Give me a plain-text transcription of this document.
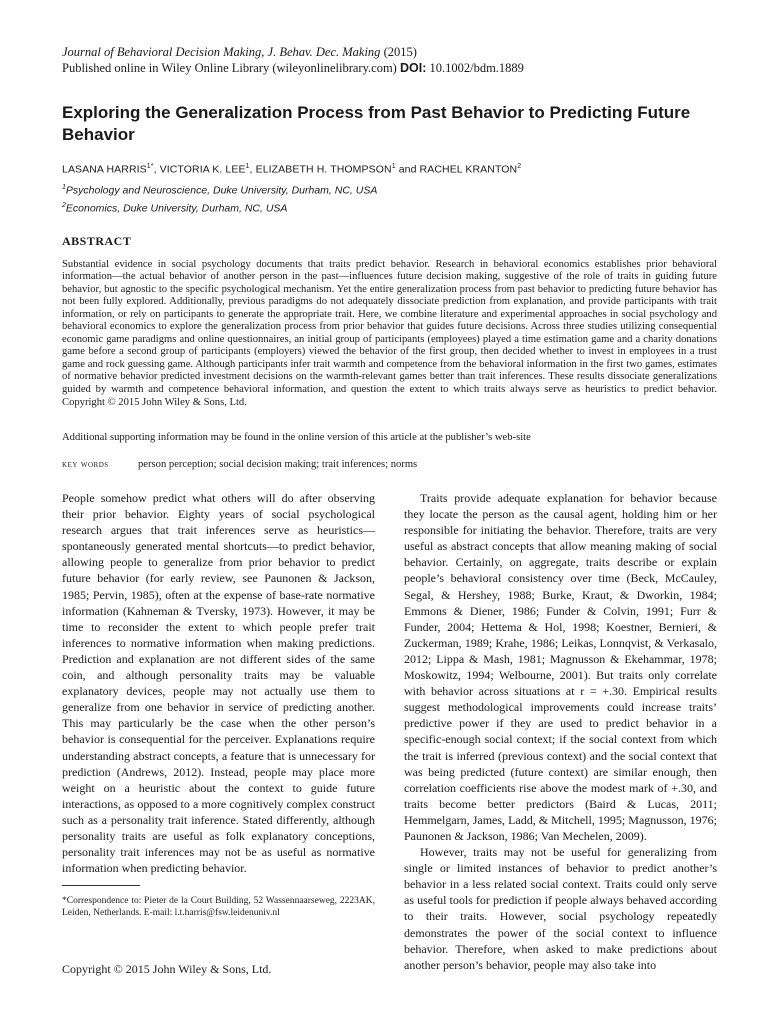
Journal of Behavioral Decision Making, J. Behav. Dec. Making (2015)

Published online in Wiley Online Library (wileyonlinelibrary.com) DOI: 10.1002/bdm.1889

Exploring the Generalization Process from Past Behavior to Predicting Future Behavior

LASANA $HARRIS^{1*}$, VICTORIA K. LEE$^1$, ELIZABETH H. THOMPSON$^1$ and RACHEL KRANTON$^2$

$^1$Psychology and Neuroscience, Duke University, Durham, NC, USA

$^2$Economics, Duke University, Durham, NC, USA

ABSTRACT

Substantial evidence in social psychology documents that traits predict behavior. Research in behavioral economics establishes prior behavioral information—the actual behavior of another person in the past—influences future decision making, suggestive of the role of traits in guiding future behavior, but agnostic to the specific psychological mechanism. Yet the entire generalization process from past behavior to predicting future behavior has not been fully explored. Additionally, previous paradigms do not adequately dissociate prediction from explanation, and provide participants with trait information, or rely on participants to generate the appropriate trait. Here, we combine literature and experimental approaches in social psychology and behavioral economics to explore the generalization process from prior behavior that guides future decisions. Across three studies utilizing consequential economic game paradigms and online questionnaires, an initial group of participants (employees) played a time estimation game and a charity donations game before a second group of participants (employers) viewed the behavior of the first group, then decided whether to invest in employees in a trust game and rock guessing game. Although participants infer trait warmth and competence from the behavioral information in the first two games, estimates of normative behavior predicted investment decisions on the warmth-relevant games better than trait inferences. These results dissociate generalizations guided by warmth and competence behavioral information, and question the extent to which traits always serve as heuristics to predict behavior. Copyright © 2015 John Wiley & Sons, Ltd.

Additional supporting information may be found in the online version of this article at the publisher’s web-site

key words	person perception; social decision making; trait inferences; norms

People somehow predict what others will do after observing their prior behavior. Eighty years of social psychological research argues that trait inferences serve as heuristics—spontaneously generated mental shortcuts—to predict behavior, allowing people to generalize from prior behavior to predict future behavior (for early review, see Paunonen & Jackson, 1985; Pervin, 1985), often at the expense of base-rate normative information (Kahneman & Tversky, 1973). However, it may be time to reconsider the extent to which people prefer trait inferences to normative information when making predictions. Prediction and explanation are not different sides of the same coin, and although personality traits may be valuable explanatory devices, people may not actually use them to generalize from one behavior in service of predicting another. This may particularly be the case when the other person’s behavior is consequential for the perceiver. Explanations require understanding abstract concepts, a feature that is unnecessary for prediction (Andrews, 2012). Instead, people may place more weight on a heuristic about the context to guide future interactions, as opposed to a more cognitively complex construct such as a personality trait inference. Stated differently, although personality traits are useful as folk explanatory conceptions, personality trait inferences may not be as useful as normative information when predicting behavior.

Traits provide adequate explanation for behavior because they locate the person as the causal agent, holding him or her responsible for initiating the behavior. Therefore, traits are very useful as abstract concepts that allow meaning making of social behavior. Certainly, on aggregate, traits describe or explain people’s behavioral consistency over time (Beck, McCauley, Segal, & Hershey, 1988; Burke, Kraut, & Dworkin, 1984; Emmons & Diener, 1986; Funder & Colvin, 1991; Furr & Funder, 2004; Hettema & Hol, 1998; Koestner, Bernieri, & Zuckerman, 1989; Krahe, 1986; Leikas, Lonnqvist, & Verkasalo, 2012; Lippa & Mash, 1981; Magnusson & Ekehammar, 1978; Moskowitz, 1994; Welbourne, 2001). But traits only correlate with behavior across situations at r = +.30. Empirical results suggest methodological improvements could increase traits’ predictive power if they are used to predict behavior in a specific-enough social context; if the social context from which the trait is inferred (previous context) and the social context that was being predicted (future context) are similar enough, then correlation coefficients rise above the modest mark of +.30, and traits become better predictors (Baird & Lucas, 2011; Hemmelgarn, James, Ladd, & Mitchell, 1995; Magnusson, 1976; Paunonen & Jackson, 1986; Van Mechelen, 2009).

However, traits may not be useful for generalizing from single or limited instances of behavior to predict another’s behavior in a less related social context. Traits could only serve as useful tools for prediction if people always behaved according to their traits. However, social psychology repeatedly demonstrates the power of the social context to influence behavior. Therefore, when asked to make predictions about another person’s behavior, people may also take into

*Correspondence to: Pieter de la Court Building, 52 Wassennaarseweg, 2223AK, Leiden, Netherlands. E-mail: l.t.harris@fsw.leidenuniv.nl

Copyright © 2015 John Wiley & Sons, Ltd.
